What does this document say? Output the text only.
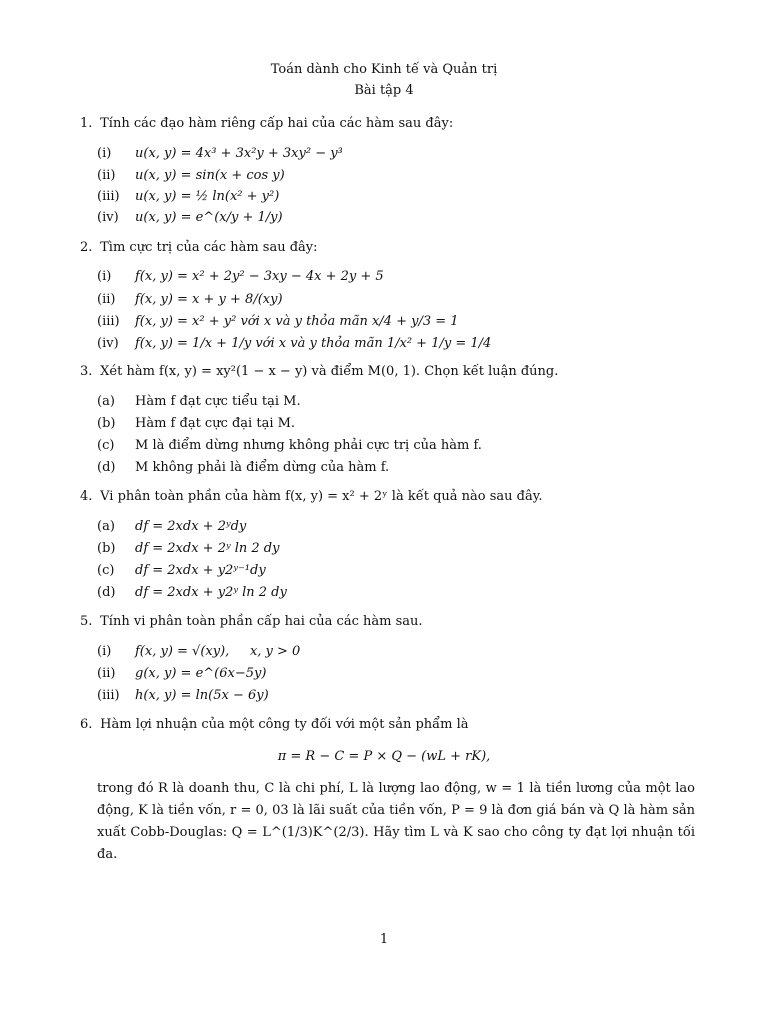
Toán dành cho Kinh tế và Quản trị
Bài tập 4
1. Tính các đạo hàm riêng cấp hai của các hàm sau đây:
(i) u(x, y) = 4x³ + 3x²y + 3xy² − y³
(ii) u(x, y) = sin(x + cos y)
(iii) u(x, y) = ½ ln(x² + y²)
(iv) u(x, y) = e^(x/y + 1/y)
2. Tìm cực trị của các hàm sau đây:
(i) f(x, y) = x² + 2y² − 3xy − 4x + 2y + 5
(ii) f(x, y) = x + y + 8/(xy)
(iii) f(x, y) = x² + y² với x và y thỏa mãn x/4 + y/3 = 1
(iv) f(x, y) = 1/x + 1/y với x và y thỏa mãn 1/x² + 1/y = 1/4
3. Xét hàm f(x, y) = xy²(1 − x − y) và điểm M(0, 1). Chọn kết luận đúng.
(a) Hàm f đạt cực tiểu tại M.
(b) Hàm f đạt cực đại tại M.
(c) M là điểm dừng nhưng không phải cực trị của hàm f.
(d) M không phải là điểm dừng của hàm f.
4. Vi phân toàn phần của hàm f(x, y) = x² + 2ʸ là kết quả nào sau đây.
(a) df = 2xdx + 2ʸdy
(b) df = 2xdx + 2ʸ ln 2 dy
(c) df = 2xdx + y2ʸ⁻¹dy
(d) df = 2xdx + y2ʸ ln 2 dy
5. Tính vi phân toàn phần cấp hai của các hàm sau.
(i) f(x, y) = √(xy),     x, y > 0
(ii) g(x, y) = e^(6x−5y)
(iii) h(x, y) = ln(5x − 6y)
6. Hàm lợi nhuận của một công ty đối với một sản phẩm là
π = R − C = P × Q − (wL + rK),
trong đó R là doanh thu, C là chi phí, L là lượng lao động, w = 1 là tiền lương của một lao động, K là tiền vốn, r = 0, 03 là lãi suất của tiền vốn, P = 9 là đơn giá bán và Q là hàm sản xuất Cobb-Douglas: Q = L^(1/3)K^(2/3). Hãy tìm L và K sao cho công ty đạt lợi nhuận tối đa.
1
